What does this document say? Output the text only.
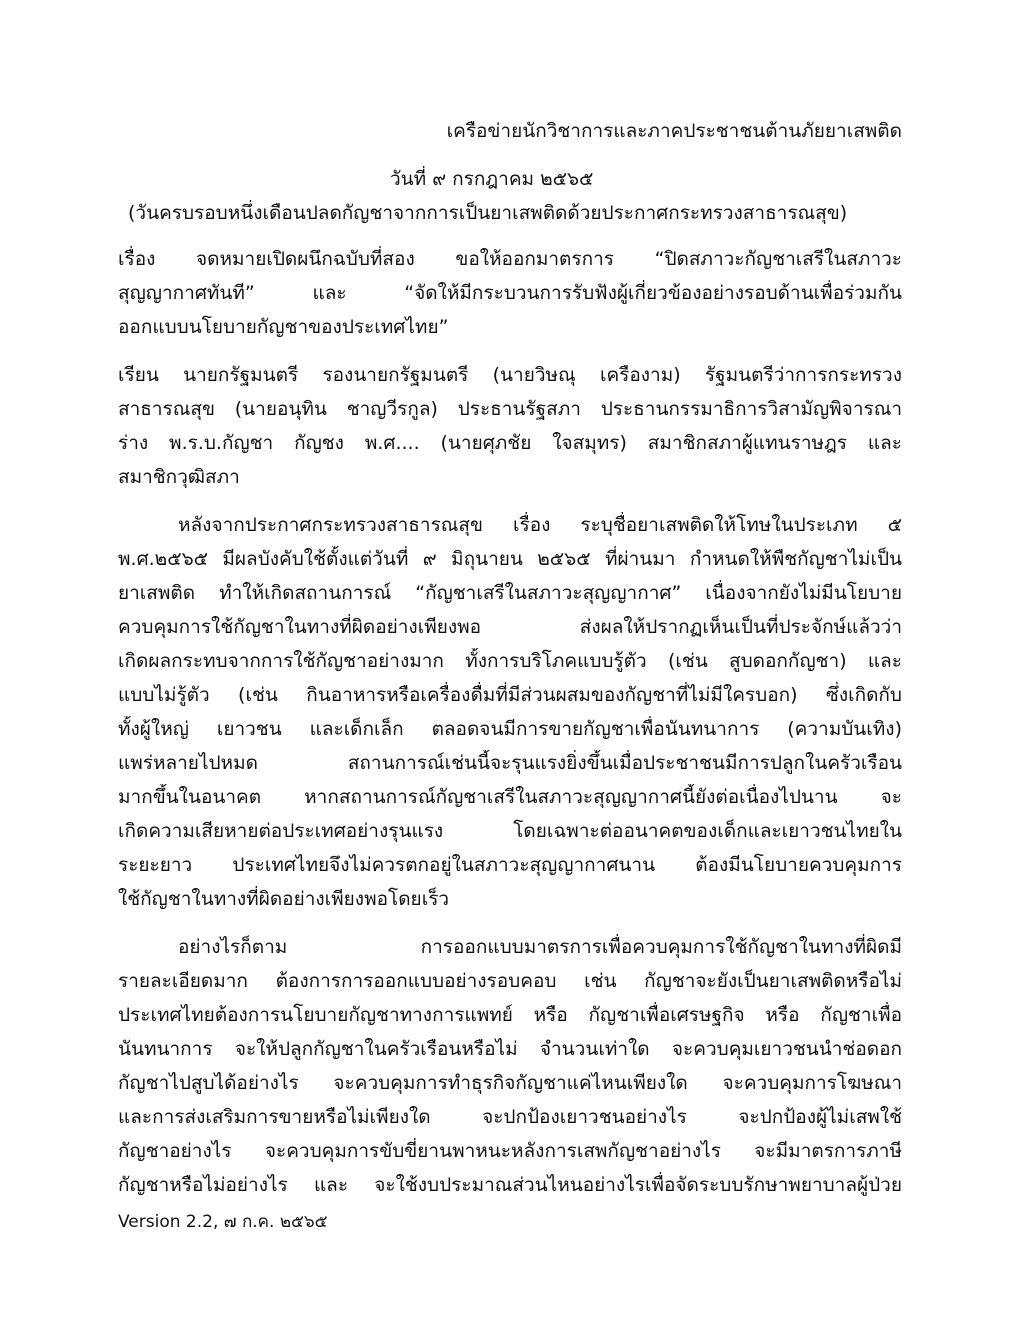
เครือข่ายนักวิชาการและภาคประชาชนต้านภัยยาเสพติด
วันที่ ๙ กรกฎาคม ๒๕๖๕
(วันครบรอบหนึ่งเดือนปลดกัญชาจากการเป็นยาเสพติดด้วยประกาศกระทรวงสาธารณสุข)
เรื่อง จดหมายเปิดผนึกฉบับที่สอง ขอให้ออกมาตรการ “ปิดสภาวะกัญชาเสรีในสภาวะ
สุญญากาศทันที” และ “จัดให้มีกระบวนการรับฟังผู้เกี่ยวข้องอย่างรอบด้านเพื่อร่วมกัน
ออกแบบนโยบายกัญชาของประเทศไทย”
เรียน นายกรัฐมนตรี รองนายกรัฐมนตรี (นายวิษณุ เครืองาม) รัฐมนตรีว่าการกระทรวง
สาธารณสุข (นายอนุทิน ชาญวีรกูล) ประธานรัฐสภา ประธานกรรมาธิการวิสามัญพิจารณา
ร่าง พ.ร.บ.กัญชา กัญชง พ.ศ.... (นายศุภชัย ใจสมุทร) สมาชิกสภาผู้แทนราษฎร และ
สมาชิกวุฒิสภา
หลังจากประกาศกระทรวงสาธารณสุข เรื่อง ระบุชื่อยาเสพติดให้โทษในประเภท ๕
พ.ศ.๒๕๖๕ มีผลบังคับใช้ตั้งแต่วันที่ ๙ มิถุนายน ๒๕๖๕ ที่ผ่านมา กำหนดให้พืชกัญชาไม่เป็น
ยาเสพติด ทำให้เกิดสถานการณ์ “กัญชาเสรีในสภาวะสุญญากาศ” เนื่องจากยังไม่มีนโยบาย
ควบคุมการใช้กัญชาในทางที่ผิดอย่างเพียงพอ ส่งผลให้ปรากฏเห็นเป็นที่ประจักษ์แล้วว่า
เกิดผลกระทบจากการใช้กัญชาอย่างมาก ทั้งการบริโภคแบบรู้ตัว (เช่น สูบดอกกัญชา) และ
แบบไม่รู้ตัว (เช่น กินอาหารหรือเครื่องดื่มที่มีส่วนผสมของกัญชาที่ไม่มีใครบอก) ซึ่งเกิดกับ
ทั้งผู้ใหญ่ เยาวชน และเด็กเล็ก ตลอดจนมีการขายกัญชาเพื่อนันทนาการ (ความบันเทิง)
แพร่หลายไปหมด สถานการณ์เช่นนี้จะรุนแรงยิ่งขึ้นเมื่อประชาชนมีการปลูกในครัวเรือน
มากขึ้นในอนาคต หากสถานการณ์กัญชาเสรีในสภาวะสุญญากาศนี้ยังต่อเนื่องไปนาน จะ
เกิดความเสียหายต่อประเทศอย่างรุนแรง โดยเฉพาะต่ออนาคตของเด็กและเยาวชนไทยใน
ระยะยาว ประเทศไทยจึงไม่ควรตกอยู่ในสภาวะสุญญากาศนาน ต้องมีนโยบายควบคุมการ
ใช้กัญชาในทางที่ผิดอย่างเพียงพอโดยเร็ว
อย่างไรก็ตาม การออกแบบมาตรการเพื่อควบคุมการใช้กัญชาในทางที่ผิดมี
รายละเอียดมาก ต้องการการออกแบบอย่างรอบคอบ เช่น กัญชาจะยังเป็นยาเสพติดหรือไม่
ประเทศไทยต้องการนโยบายกัญชาทางการแพทย์ หรือ กัญชาเพื่อเศรษฐกิจ หรือ กัญชาเพื่อ
นันทนาการ จะให้ปลูกกัญชาในครัวเรือนหรือไม่ จำนวนเท่าใด จะควบคุมเยาวชนนำช่อดอก
กัญชาไปสูบได้อย่างไร จะควบคุมการทำธุรกิจกัญชาแค่ไหนเพียงใด จะควบคุมการโฆษณา
และการส่งเสริมการขายหรือไม่เพียงใด จะปกป้องเยาวชนอย่างไร จะปกป้องผู้ไม่เสพใช้
กัญชาอย่างไร จะควบคุมการขับขี่ยานพาหนะหลังการเสพกัญชาอย่างไร จะมีมาตรการภาษี
กัญชาหรือไม่อย่างไร และ จะใช้งบประมาณส่วนไหนอย่างไรเพื่อจัดระบบรักษาพยาบาลผู้ป่วย
Version 2.2, ๗ ก.ค. ๒๕๖๕
